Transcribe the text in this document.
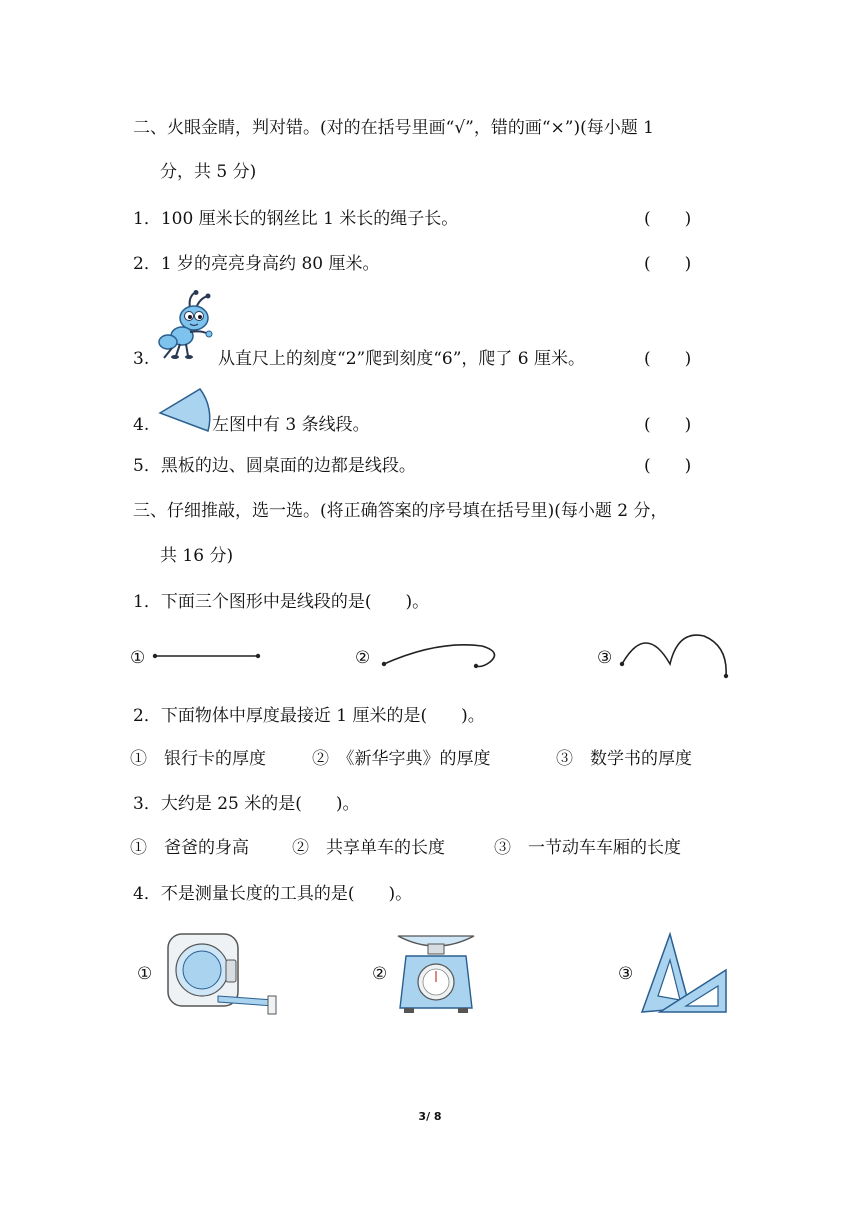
二、火眼金睛，判对错。(对的在括号里画“√”，错的画“×”)(每小题 1
分，共 5 分)
1．100 厘米长的钢丝比 1 米长的绳子长。	(　　)
2．1 岁的亮亮身高约 80 厘米。	(　　)
3.	从直尺上的刻度“2”爬到刻度“6”，爬了 6 厘米。	(　　)
4.	左图中有 3 条线段。	(　　)
5．黑板的边、圆桌面的边都是线段。	(　　)
三、仔细推敲，选一选。(将正确答案的序号填在括号里)(每小题 2 分，
共 16 分)
1．下面三个图形中是线段的是(　　)。
①	②	③
2．下面物体中厚度最接近 1 厘米的是(　　)。
①　银行卡的厚度	②　《新华字典》的厚度	③　数学书的厚度
3．大约是 25 米的是(　　)。
①　爸爸的身高	②　共享单车的长度	③　一节动车车厢的长度
4．不是测量长度的工具的是(　　)。
①	②	③
3/ 8
